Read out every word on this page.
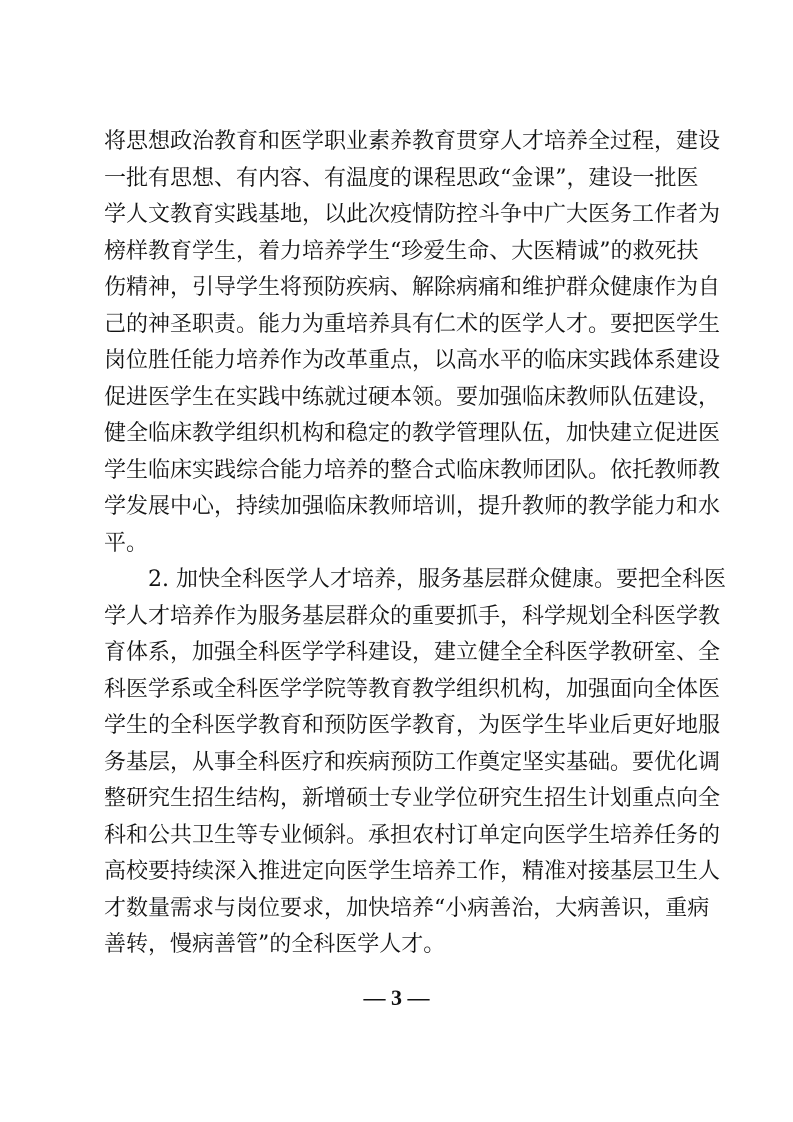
将思想政治教育和医学职业素养教育贯穿人才培养全过程，建设
一批有思想、有内容、有温度的课程思政“金课”，建设一批医
学人文教育实践基地，以此次疫情防控斗争中广大医务工作者为
榜样教育学生，着力培养学生“珍爱生命、大医精诚”的救死扶
伤精神，引导学生将预防疾病、解除病痛和维护群众健康作为自
己的神圣职责。能力为重培养具有仁术的医学人才。要把医学生
岗位胜任能力培养作为改革重点，以高水平的临床实践体系建设
促进医学生在实践中练就过硬本领。要加强临床教师队伍建设，
健全临床教学组织机构和稳定的教学管理队伍，加快建立促进医
学生临床实践综合能力培养的整合式临床教师团队。依托教师教
学发展中心，持续加强临床教师培训，提升教师的教学能力和水
平。
2. 加快全科医学人才培养，服务基层群众健康。要把全科医
学人才培养作为服务基层群众的重要抓手，科学规划全科医学教
育体系，加强全科医学学科建设，建立健全全科医学教研室、全
科医学系或全科医学学院等教育教学组织机构，加强面向全体医
学生的全科医学教育和预防医学教育，为医学生毕业后更好地服
务基层，从事全科医疗和疾病预防工作奠定坚实基础。要优化调
整研究生招生结构，新增硕士专业学位研究生招生计划重点向全
科和公共卫生等专业倾斜。承担农村订单定向医学生培养任务的
高校要持续深入推进定向医学生培养工作，精准对接基层卫生人
才数量需求与岗位要求，加快培养“小病善治，大病善识，重病
善转，慢病善管”的全科医学人才。
— 3 —
